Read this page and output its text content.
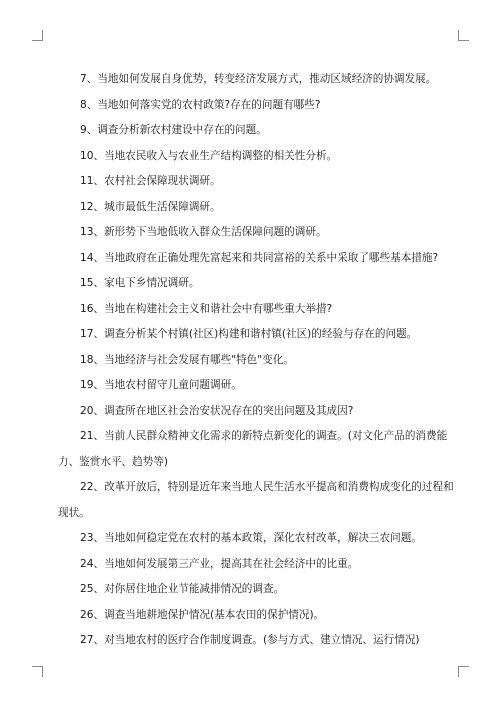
7、当地如何发展自身优势，转变经济发展方式，推动区域经济的协调发展。

8、当地如何落实党的农村政策?存在的问题有哪些?

9、调查分析新农村建设中存在的问题。

10、当地农民收入与农业生产结构调整的相关性分析。

11、农村社会保障现状调研。

12、城市最低生活保障调研。

13、新形势下当地低收入群众生活保障问题的调研。

14、当地政府在正确处理先富起来和共同富裕的关系中采取了哪些基本措施?

15、家电下乡情况调研。

16、当地在构建社会主义和谐社会中有哪些重大举措?

17、调查分析某个村镇(社区)构建和谐村镇(社区)的经验与存在的问题。

18、当地经济与社会发展有哪些"特色"变化。

19、当地农村留守儿童问题调研。

20、调查所在地区社会治安状况存在的突出问题及其成因?

21、当前人民群众精神文化需求的新特点新变化的调查。(对文化产品的消费能力、鉴赏水平、趋势等)

22、改革开放后，特别是近年来当地人民生活水平提高和消费构成变化的过程和现状。

23、当地如何稳定党在农村的基本政策，深化农村改革，解决三农问题。

24、当地如何发展第三产业，提高其在社会经济中的比重。

25、对你居住地企业节能减排情况的调查。

26、调查当地耕地保护情况(基本农田的保护情况)。

27、对当地农村的医疗合作制度调查。(参与方式、建立情况、运行情况)
